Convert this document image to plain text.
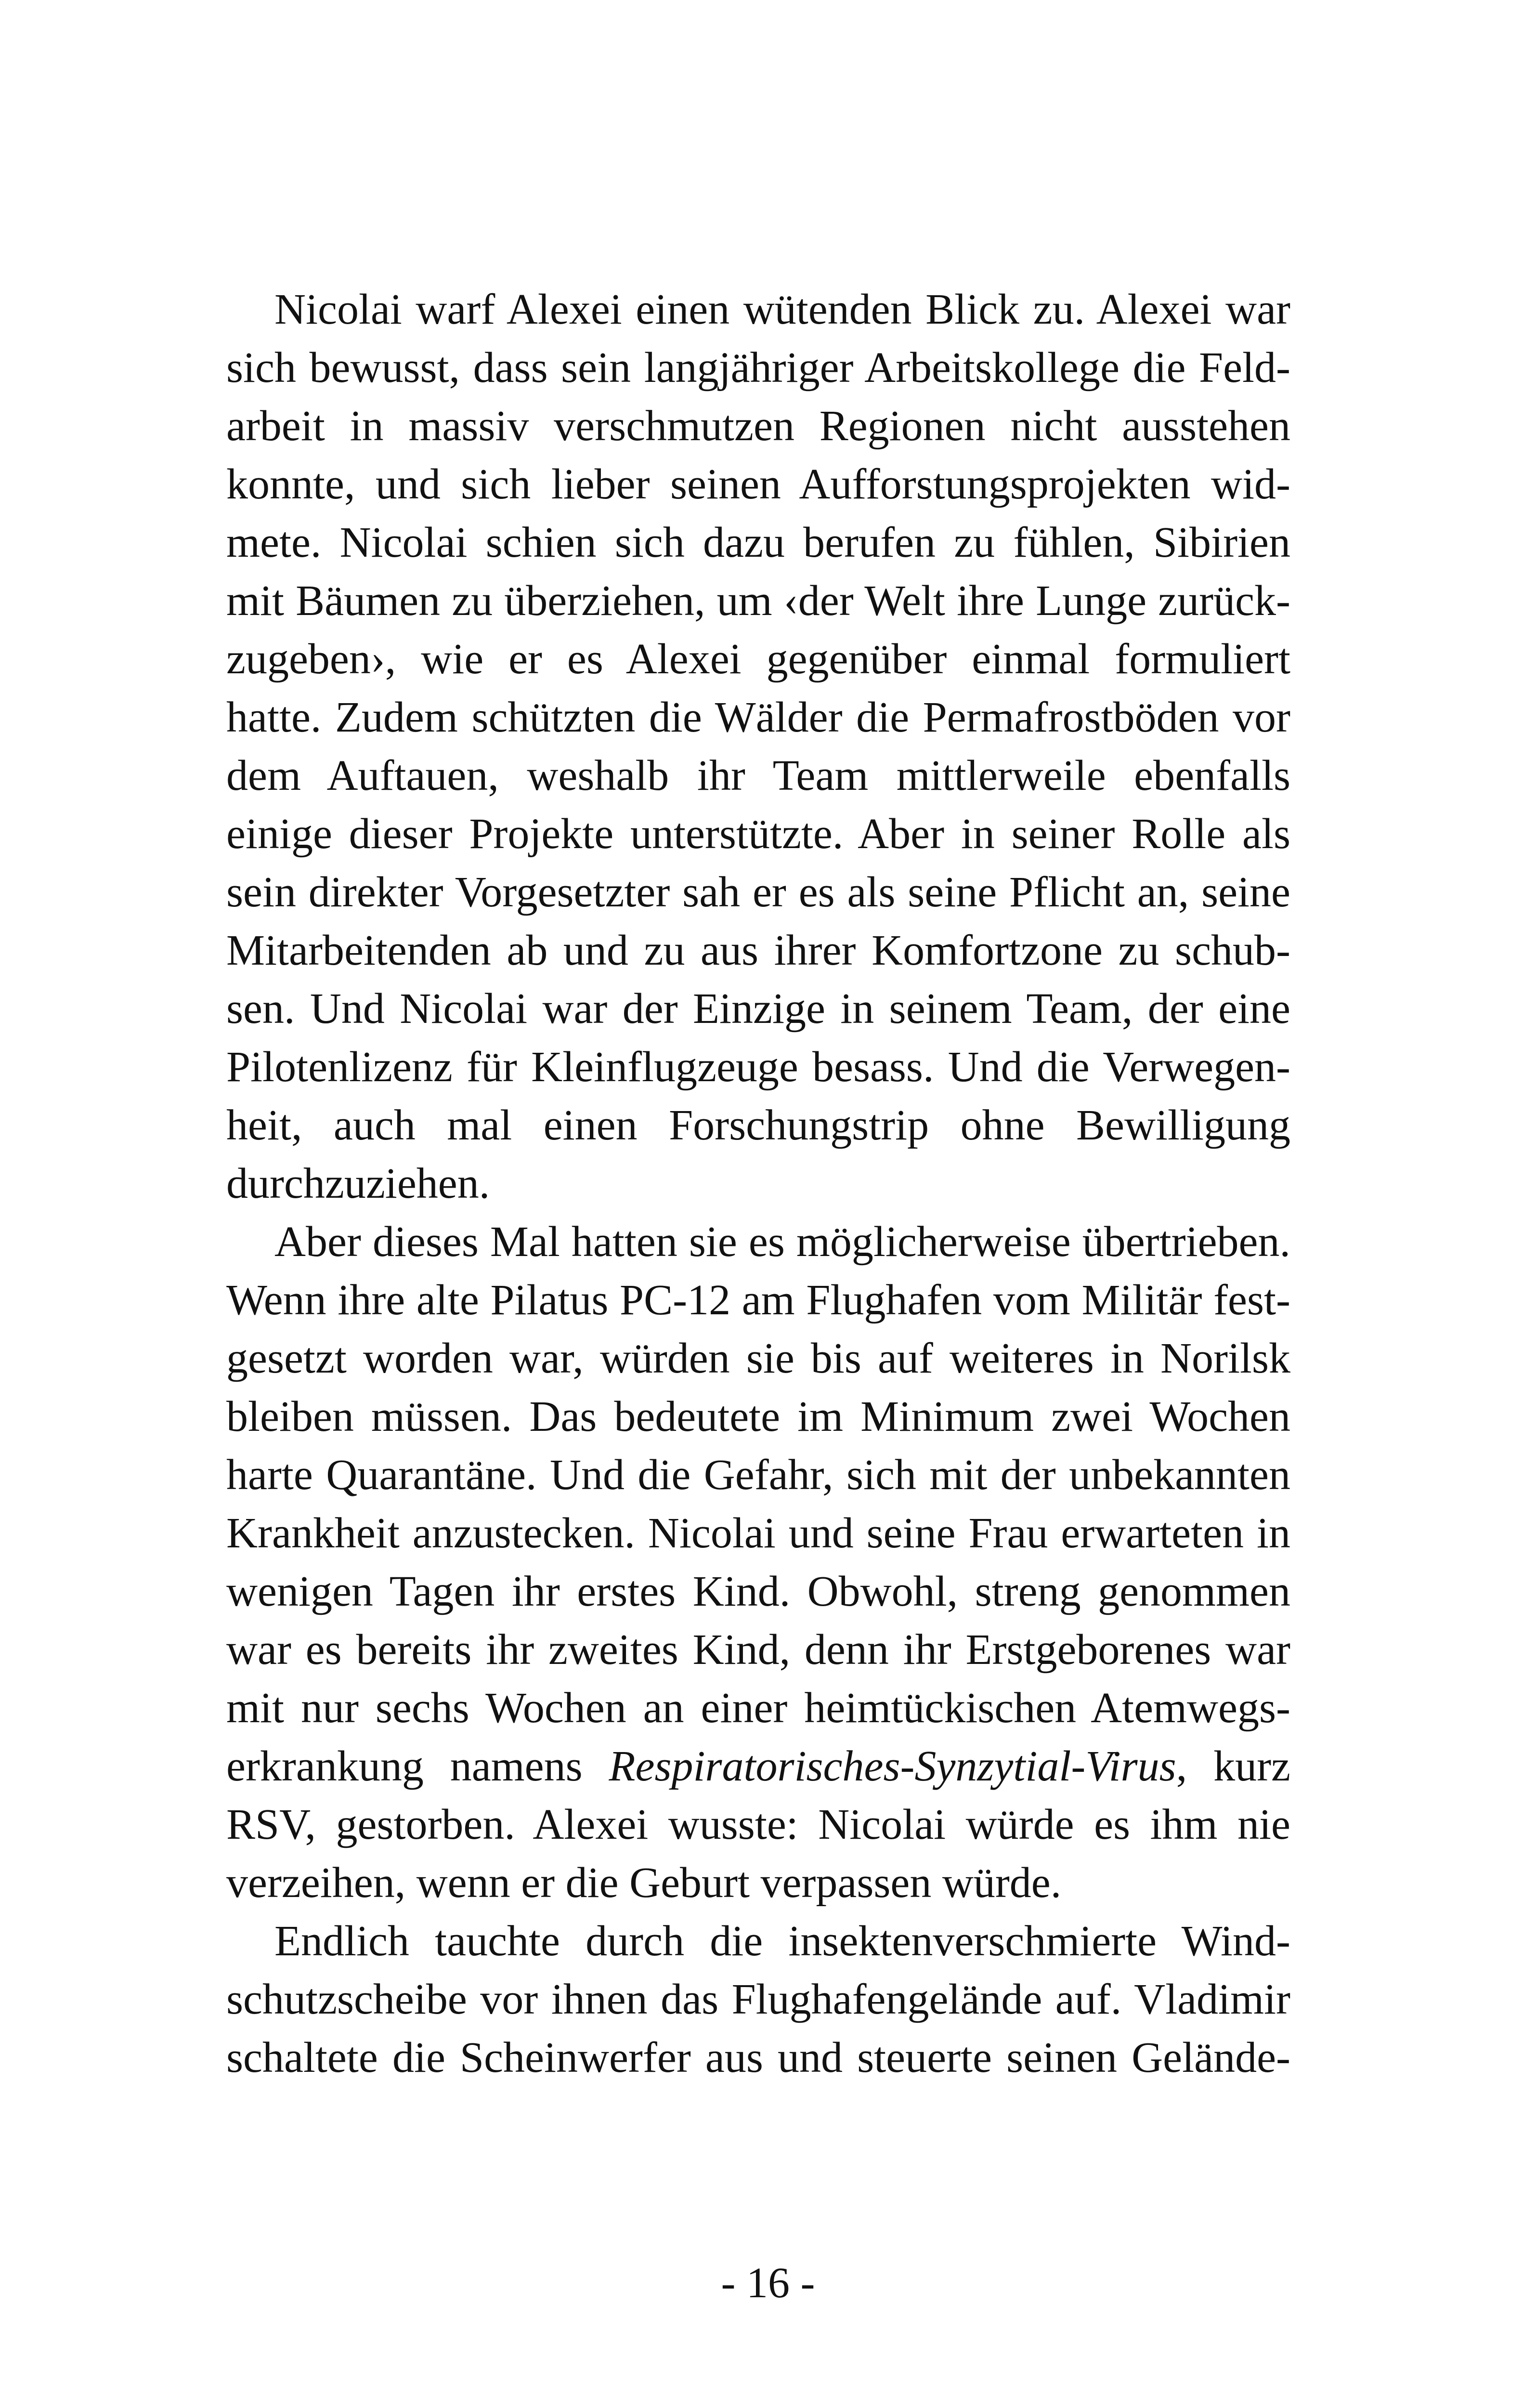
Nicolai warf Alexei einen wütenden Blick zu. Alexei war
sich bewusst, dass sein langjähriger Arbeitskollege die Feld-
arbeit in massiv verschmutzen Regionen nicht ausstehen
konnte, und sich lieber seinen Aufforstungsprojekten wid-
mete. Nicolai schien sich dazu berufen zu fühlen, Sibirien
mit Bäumen zu überziehen, um ‹der Welt ihre Lunge zurück-
zugeben›, wie er es Alexei gegenüber einmal formuliert
hatte. Zudem schützten die Wälder die Permafrostböden vor
dem Auftauen, weshalb ihr Team mittlerweile ebenfalls
einige dieser Projekte unterstützte. Aber in seiner Rolle als
sein direkter Vorgesetzter sah er es als seine Pflicht an, seine
Mitarbeitenden ab und zu aus ihrer Komfortzone zu schub-
sen. Und Nicolai war der Einzige in seinem Team, der eine
Pilotenlizenz für Kleinflugzeuge besass. Und die Verwegen-
heit, auch mal einen Forschungstrip ohne Bewilligung
durchzuziehen.
Aber dieses Mal hatten sie es möglicherweise übertrieben.
Wenn ihre alte Pilatus PC-12 am Flughafen vom Militär fest-
gesetzt worden war, würden sie bis auf weiteres in Norilsk
bleiben müssen. Das bedeutete im Minimum zwei Wochen
harte Quarantäne. Und die Gefahr, sich mit der unbekannten
Krankheit anzustecken. Nicolai und seine Frau erwarteten in
wenigen Tagen ihr erstes Kind. Obwohl, streng genommen
war es bereits ihr zweites Kind, denn ihr Erstgeborenes war
mit nur sechs Wochen an einer heimtückischen Atemwegs-
erkrankung namens Respiratorisches-Synzytial-Virus, kurz
RSV, gestorben. Alexei wusste: Nicolai würde es ihm nie
verzeihen, wenn er die Geburt verpassen würde.
Endlich tauchte durch die insektenverschmierte Wind-
schutzscheibe vor ihnen das Flughafengelände auf. Vladimir
schaltete die Scheinwerfer aus und steuerte seinen Gelände-
- 16 -
